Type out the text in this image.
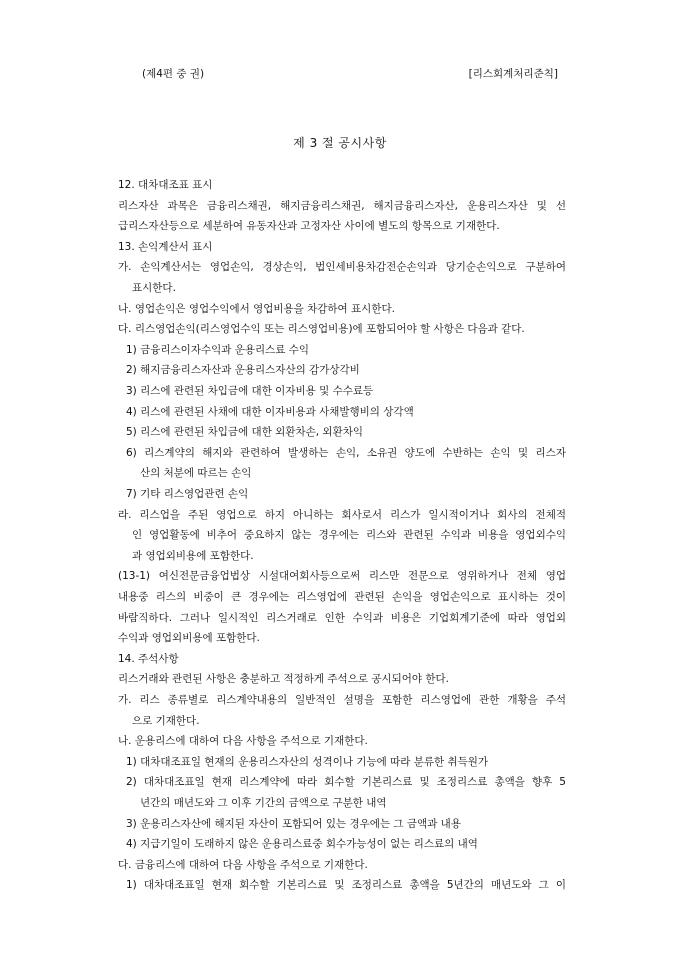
(제4편 중 권)	[리스회계처리준칙]
제 3 절 공시사항
12. 대차대조표 표시
리스자산 과목은 금융리스채권, 해지금융리스채권, 해지금융리스자산, 운용리스자산 및 선
급리스자산등으로 세분하여 유동자산과 고정자산 사이에 별도의 항목으로 기재한다.
13. 손익계산서 표시
가. 손익계산서는 영업손익, 경상손익, 법인세비용차감전순손익과 당기순손익으로 구분하여
표시한다.
나. 영업손익은 영업수익에서 영업비용을 차감하여 표시한다.
다. 리스영업손익(리스영업수익 또는 리스영업비용)에 포함되어야 할 사항은 다음과 같다.
1) 금융리스이자수익과 운용리스료 수익
2) 해지금융리스자산과 운용리스자산의 감가상각비
3) 리스에 관련된 차입금에 대한 이자비용 및 수수료등
4) 리스에 관련된 사채에 대한 이자비용과 사채발행비의 상각액
5) 리스에 관련된 차입금에 대한 외환차손, 외환차익
6) 리스계약의 해지와 관련하여 발생하는 손익, 소유권 양도에 수반하는 손익 및 리스자
산의 처분에 따르는 손익
7) 기타 리스영업관련 손익
라. 리스업을 주된 영업으로 하지 아니하는 회사로서 리스가 일시적이거나 회사의 전체적
인 영업활동에 비추어 중요하지 않는 경우에는 리스와 관련된 수익과 비용을 영업외수익
과 영업외비용에 포함한다.
(13-1) 여신전문금융업법상 시설대여회사등으로써 리스만 전문으로 영위하거나 전체 영업
내용중 리스의 비중이 큰 경우에는 리스영업에 관련된 손익을 영업손익으로 표시하는 것이
바람직하다. 그러나 일시적인 리스거래로 인한 수익과 비용은 기업회계기준에 따라 영업외
수익과 영업외비용에 포함한다.
14. 주석사항
리스거래와 관련된 사항은 충분하고 적정하게 주석으로 공시되어야 한다.
가. 리스 종류별로 리스계약내용의 일반적인 설명을 포함한 리스영업에 관한 개황을 주석
으로 기재한다.
나. 운용리스에 대하여 다음 사항을 주석으로 기재한다.
1) 대차대조표일 현재의 운용리스자산의 성격이나 기능에 따라 분류한 취득원가
2) 대차대조표일 현재 리스계약에 따라 회수할 기본리스료 및 조정리스료 총액을 향후 5
년간의 매년도와 그 이후 기간의 금액으로 구분한 내역
3) 운용리스자산에 해지된 자산이 포함되어 있는 경우에는 그 금액과 내용
4) 지급기일이 도래하지 않은 운용리스료중 회수가능성이 없는 리스료의 내역
다. 금융리스에 대하여 다음 사항을 주석으로 기재한다.
1) 대차대조표일 현재 회수할 기본리스료 및 조정리스료 총액을 5년간의 매년도와 그 이
